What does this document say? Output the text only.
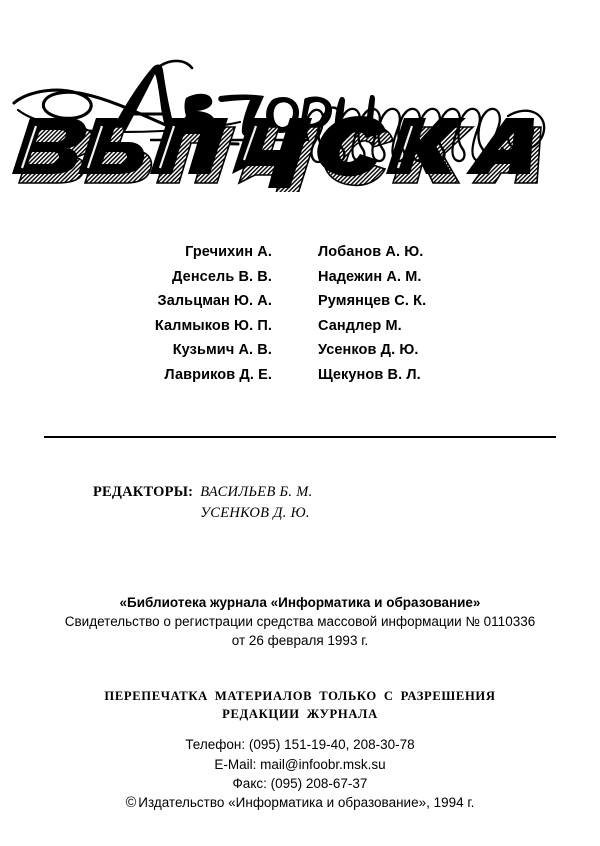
Гречихин А.	Лобанов А. Ю.
Денсель В. В.	Надежин А. М.
Зальцман Ю. А.	Румянцев С. К.
Калмыков Ю. П.	Сандлер М.
Кузьмич А. В.	Усенков Д. Ю.
Лавриков Д. Е.	Щекунов В. Л.
РЕДАКТОРЫ: ВАСИЛЬЕВ Б. М.
УСЕНКОВ Д. Ю.
«Библиотека журнала «Информатика и образование»
Свидетельство о регистрации средства массовой информации № 0110336
от 26 февраля 1993 г.
ПЕРЕПЕЧАТКА МАТЕРИАЛОВ ТОЛЬКО С РАЗРЕШЕНИЯ
РЕДАКЦИИ ЖУРНАЛА
Телефон: (095) 151-19-40, 208-30-78
E-Mail: mail@infoobr.msk.su
Факс: (095) 208-67-37
© Издательство «Информатика и образование», 1994 г.
